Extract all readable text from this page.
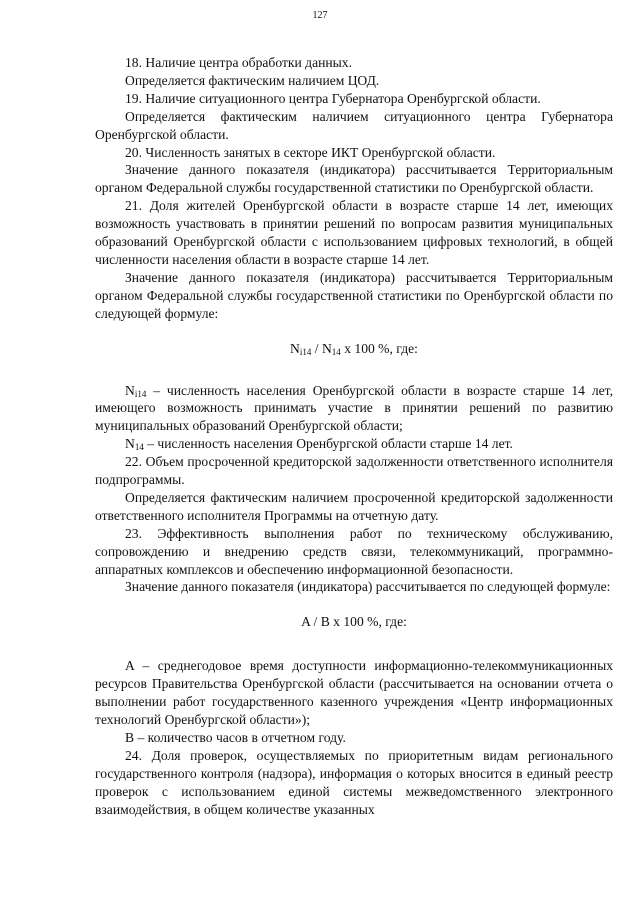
127

18. Наличие центра обработки данных.

Определяется фактическим наличием ЦОД.

19. Наличие ситуационного центра Губернатора Оренбургской области.

Определяется фактическим наличием ситуационного центра Губернатора Оренбургской области.

20. Численность занятых в секторе ИКТ Оренбургской области.

Значение данного показателя (индикатора) рассчитывается Территориальным органом Федеральной службы государственной статистики по Оренбургской области.

21. Доля жителей Оренбургской области в возрасте старше 14 лет, имеющих возможность участвовать в принятии решений по вопросам развития муниципальных образований Оренбургской области с использованием цифровых технологий, в общей численности населения области в возрасте старше 14 лет.

Значение данного показателя (индикатора) рассчитывается Территориальным органом Федеральной службы государственной статистики по Оренбургской области по следующей формуле:

$N_{i14} / N_{14}$ x 100 %, где:

$N_{i14}$ – численность населения Оренбургской области в возрасте старше 14 лет, имеющего возможность принимать участие в принятии решений по развитию муниципальных образований Оренбургской области;

$N_{14}$ – численность населения Оренбургской области старше 14 лет.

22. Объем просроченной кредиторской задолженности ответственного исполнителя подпрограммы.

Определяется фактическим наличием просроченной кредиторской задолженности ответственного исполнителя Программы на отчетную дату.

23. Эффективность выполнения работ по техническому обслуживанию, сопровождению и внедрению средств связи, телекоммуникаций, программно-аппаратных комплексов и обеспечению информационной безопасности.

Значение данного показателя (индикатора) рассчитывается по следующей формуле:

A / B x 100 %, где:

A – среднегодовое время доступности информационно-телекоммуникационных ресурсов Правительства Оренбургской области (рассчитывается на основании отчета о выполнении работ государственного казенного учреждения «Центр информационных технологий Оренбургской области»);

B – количество часов в отчетном году.

24. Доля проверок, осуществляемых по приоритетным видам регионального государственного контроля (надзора), информация о которых вносится в единый реестр проверок с использованием единой системы межведомственного электронного взаимодействия, в общем количестве указанных
